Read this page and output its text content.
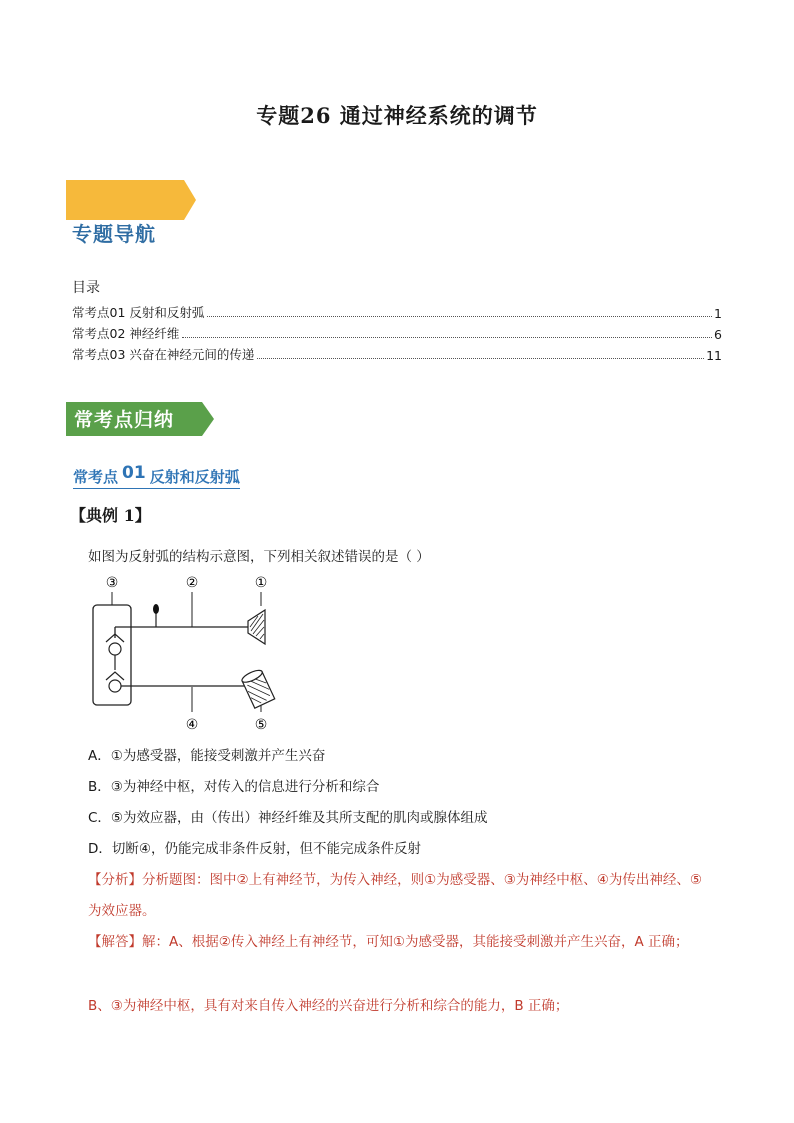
专题26 通过神经系统的调节
专题导航
目录
常考点01 反射和反射弧	1
常考点02 神经纤维	6
常考点03 兴奋在神经元间的传递	11
常考点归纳
常考点 01 反射和反射弧
【典例 1】
如图为反射弧的结构示意图，下列相关叙述错误的是（ ）
③	②	①
④	⑤
A．①为感受器，能接受刺激并产生兴奋
B．③为神经中枢，对传入的信息进行分析和综合
C．⑤为效应器，由（传出）神经纤维及其所支配的肌肉或腺体组成
D．切断④，仍能完成非条件反射，但不能完成条件反射
【分析】分析题图：图中②上有神经节，为传入神经，则①为感受器、③为神经中枢、④为传出神经、⑤
为效应器。
【解答】解：A、根据②传入神经上有神经节，可知①为感受器，其能接受刺激并产生兴奋，A 正确；
B、③为神经中枢，具有对来自传入神经的兴奋进行分析和综合的能力，B 正确；
